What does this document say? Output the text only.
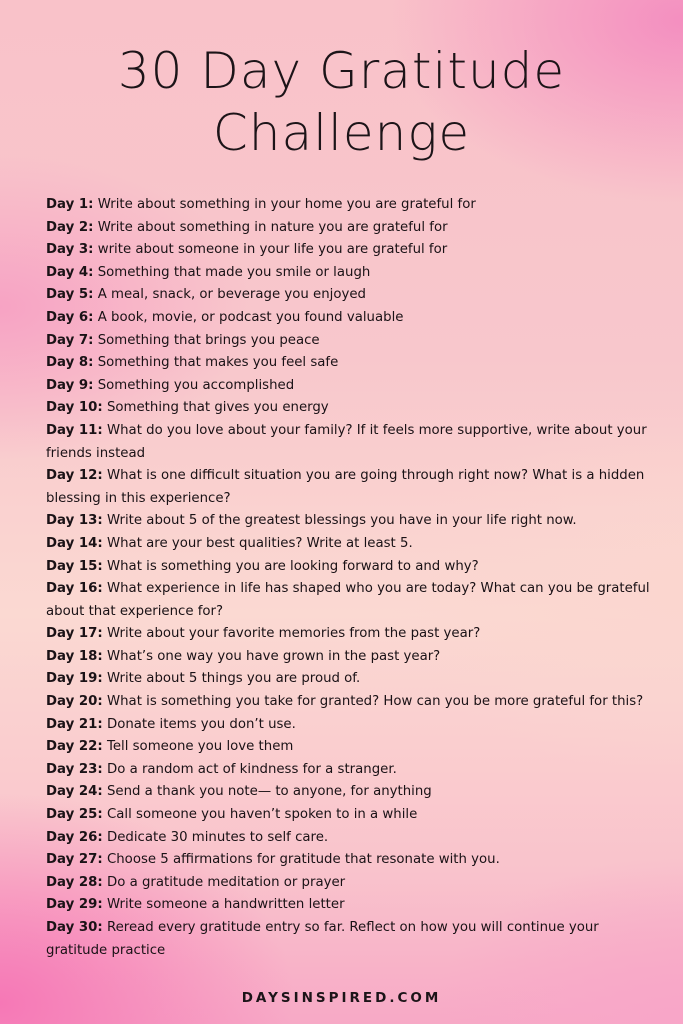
30 Day Gratitude
Challenge
Day 1: Write about something in your home you are grateful for
Day 2: Write about something in nature you are grateful for
Day 3: write about someone in your life you are grateful for
Day 4: Something that made you smile or laugh
Day 5: A meal, snack, or beverage you enjoyed
Day 6: A book, movie, or podcast you found valuable
Day 7: Something that brings you peace
Day 8: Something that makes you feel safe
Day 9: Something you accomplished
Day 10: Something that gives you energy
Day 11: What do you love about your family? If it feels more supportive, write about your friends instead
Day 12: What is one difficult situation you are going through right now? What is a hidden blessing in this experience?
Day 13: Write about 5 of the greatest blessings you have in your life right now.
Day 14: What are your best qualities? Write at least 5.
Day 15: What is something you are looking forward to and why?
Day 16: What experience in life has shaped who you are today? What can you be grateful about that experience for?
Day 17: Write about your favorite memories from the past year?
Day 18: What’s one way you have grown in the past year?
Day 19: Write about 5 things you are proud of.
Day 20: What is something you take for granted? How can you be more grateful for this?
Day 21: Donate items you don’t use.
Day 22: Tell someone you love them
Day 23: Do a random act of kindness for a stranger.
Day 24: Send a thank you note— to anyone, for anything
Day 25: Call someone you haven’t spoken to in a while
Day 26: Dedicate 30 minutes to self care.
Day 27: Choose 5 affirmations for gratitude that resonate with you.
Day 28: Do a gratitude meditation or prayer
Day 29: Write someone a handwritten letter
Day 30: Reread every gratitude entry so far. Reflect on how you will continue your gratitude practice
DAYSINSPIRED.COM
